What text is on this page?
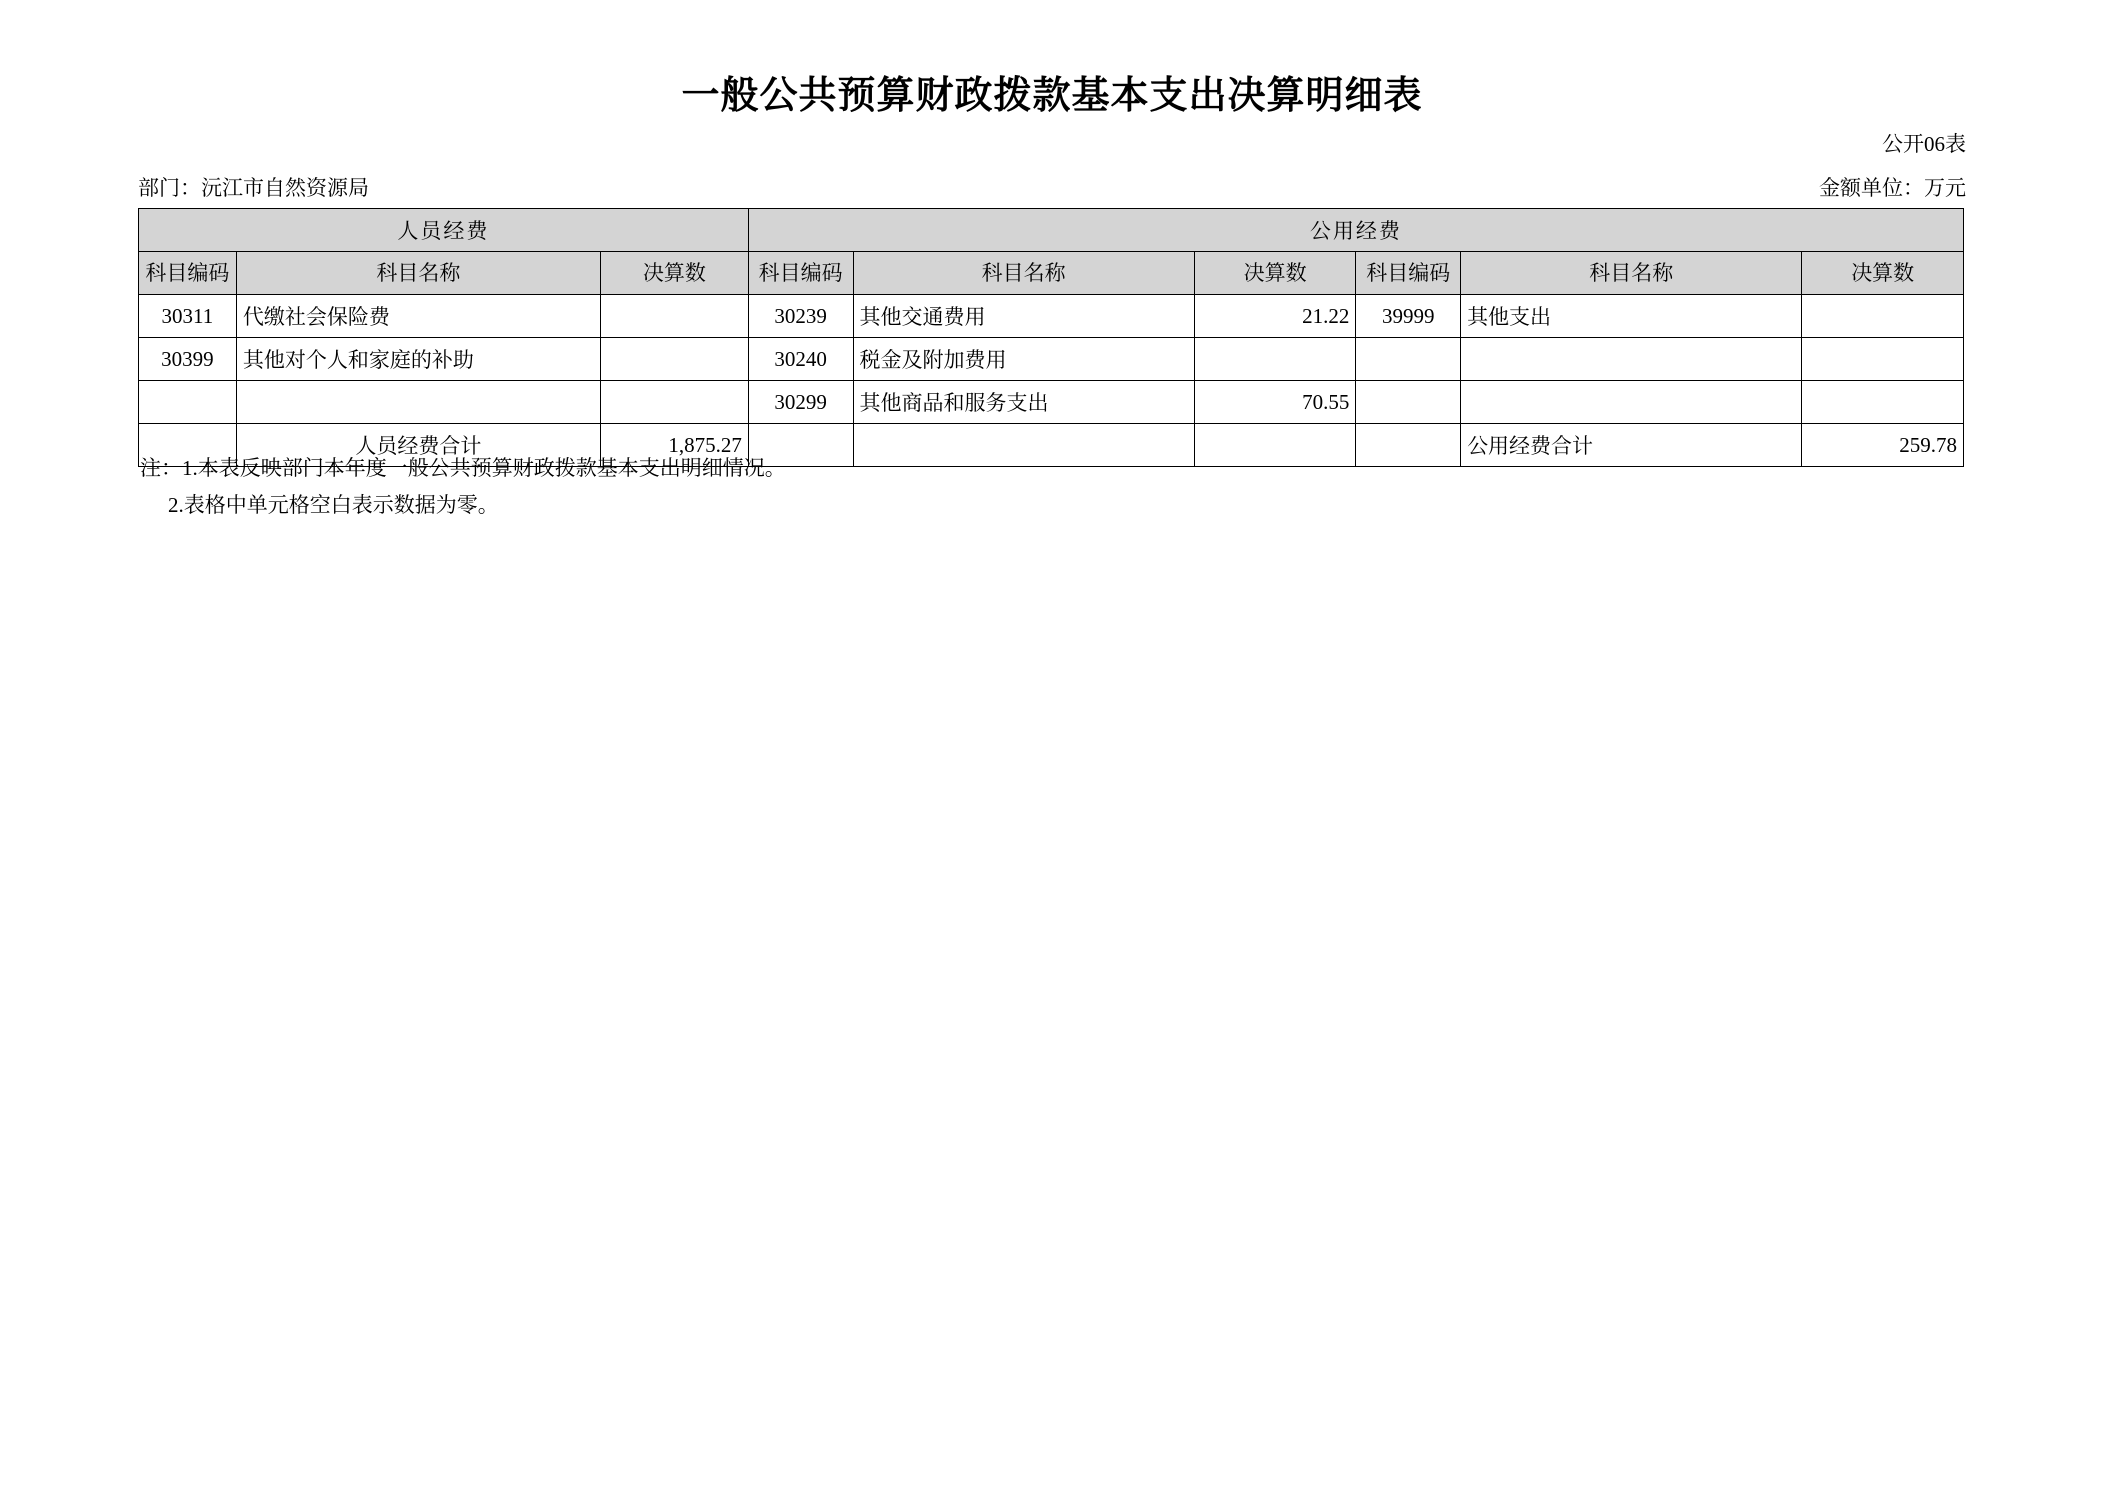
一般公共预算财政拨款基本支出决算明细表
公开06表
部门：沅江市自然资源局	金额单位：万元
人员经费			公用经费					
科目编码	科目名称	决算数	科目编码	科目名称	决算数	科目编码	科目名称	决算数
30311	代缴社会保险费		30239	其他交通费用	21.22	39999	其他支出	
30399	其他对个人和家庭的补助		30240	税金及附加费用				
			30299	其他商品和服务支出	70.55			
	人员经费合计	1,875.27					公用经费合计	259.78
注：1.本表反映部门本年度一般公共预算财政拨款基本支出明细情况。
2.表格中单元格空白表示数据为零。
